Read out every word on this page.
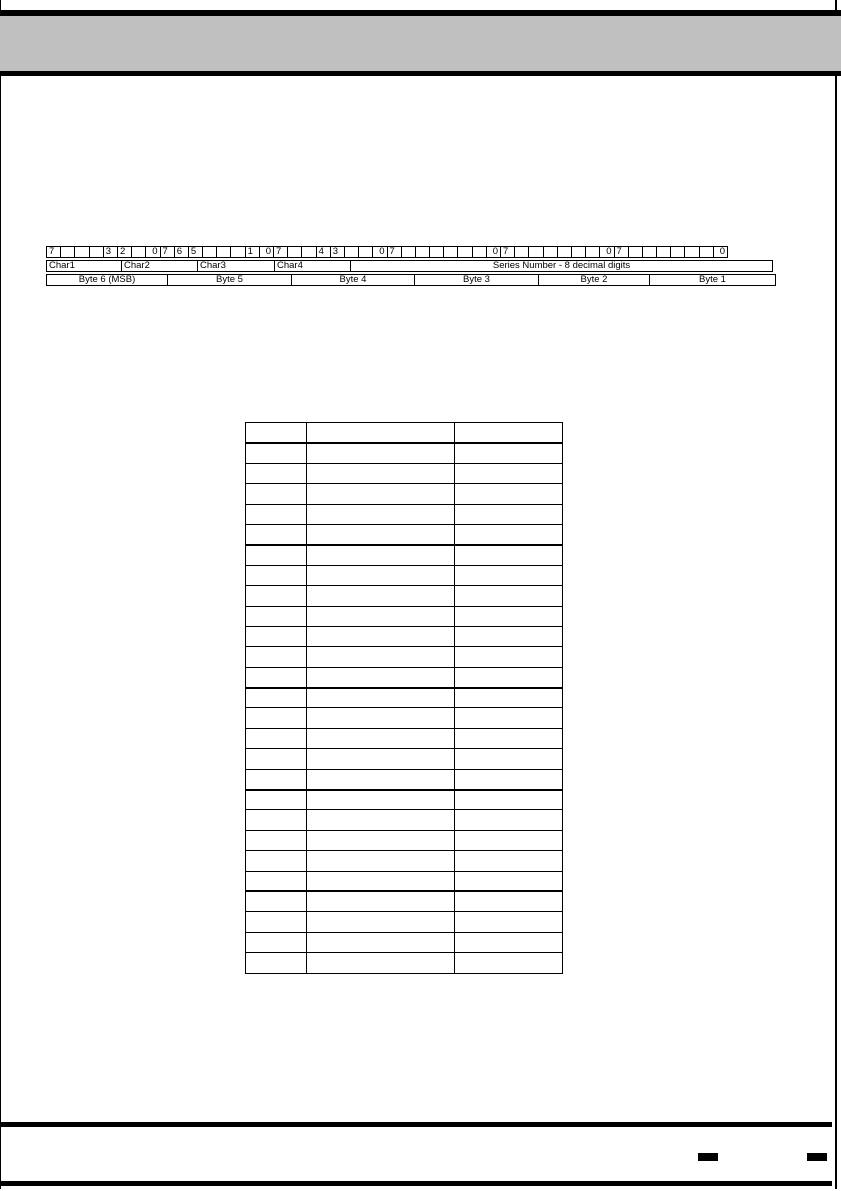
7	3 2	0 7 6 5	1	0 7	4 3	0 7	0 7	0 7	0
Char1	Char2	Char3	Char4	Series Number - 8 decimal digits
Byte 6 (MSB)	Byte 5	Byte 4	Byte 3	Byte 2	Byte 1
